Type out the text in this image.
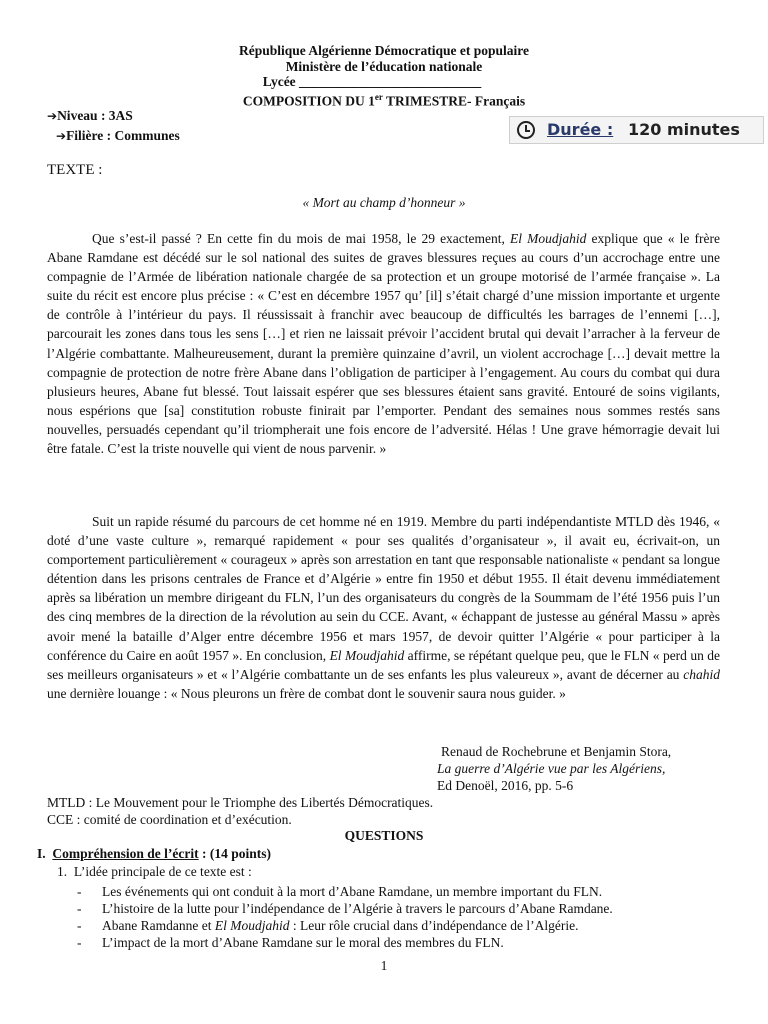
République Algérienne Démocratique et populaire
Ministère de l’éducation nationale
Lycée ___________________________
COMPOSITION DU 1er TRIMESTRE- Français
➔Niveau : 3AS
➔Filière : Communes	Durée : 120 minutes
TEXTE :
« Mort au champ d’honneur »

Que s’est-il passé ? En cette fin du mois de mai 1958, le 29 exactement, El Moudjahid explique que « le frère Abane Ramdane est décédé sur le sol national des suites de graves blessures reçues au cours d’un accrochage entre une compagnie de l’Armée de libération nationale chargée de sa protection et un groupe motorisé de l’armée française ». La suite du récit est encore plus précise : « C’est en décembre 1957 qu’ [il] s’était chargé d’une mission importante et urgente de contrôle à l’intérieur du pays. Il réussissait à franchir avec beaucoup de difficultés les barrages de l’ennemi […], parcourait les zones dans tous les sens […] et rien ne laissait prévoir l’accident brutal qui devait l’arracher à la ferveur de l’Algérie combattante. Malheureusement, durant la première quinzaine d’avril, un violent accrochage […] devait mettre la compagnie de protection de notre frère Abane dans l’obligation de participer à l’engagement. Au cours du combat qui dura plusieurs heures, Abane fut blessé. Tout laissait espérer que ses blessures étaient sans gravité. Entouré de soins vigilants, nous espérions que [sa] constitution robuste finirait par l’emporter. Pendant des semaines nous sommes restés sans nouvelles, persuadés cependant qu’il triompherait une fois encore de l’adversité. Hélas ! Une grave hémorragie devait lui être fatale. C’est la triste nouvelle qui vient de nous parvenir. »

Suit un rapide résumé du parcours de cet homme né en 1919. Membre du parti indépendantiste MTLD dès 1946, « doté d’une vaste culture », remarqué rapidement « pour ses qualités d’organisateur », il avait eu, écrivait-on, un comportement particulièrement « courageux » après son arrestation en tant que responsable nationaliste « pendant sa longue détention dans les prisons centrales de France et d’Algérie » entre fin 1950 et début 1955. Il était devenu immédiatement après sa libération un membre dirigeant du FLN, l’un des organisateurs du congrès de la Soummam de l’été 1956 puis l’un des cinq membres de la direction de la révolution au sein du CCE. Avant, « échappant de justesse au général Massu » après avoir mené la bataille d’Alger entre décembre 1956 et mars 1957, de devoir quitter l’Algérie « pour participer à la conférence du Caire en août 1957 ». En conclusion, El Moudjahid affirme, se répétant quelque peu, que le FLN « perd un de ses meilleurs organisateurs » et « l’Algérie combattante un de ses enfants les plus valeureux », avant de décerner au chahid une dernière louange : « Nous pleurons un frère de combat dont le souvenir saura nous guider. »

Renaud de Rochebrune et Benjamin Stora,
La guerre d’Algérie vue par les Algériens,
Ed Denoël, 2016, pp. 5-6
MTLD : Le Mouvement pour le Triomphe des Libertés Démocratiques.
CCE : comité de coordination et d’exécution.
QUESTIONS
I. Compréhension de l’écrit : (14 points)
1. L’idée principale de ce texte est :
- Les événements qui ont conduit à la mort d’Abane Ramdane, un membre important du FLN.
- L’histoire de la lutte pour l’indépendance de l’Algérie à travers le parcours d’Abane Ramdane.
- Abane Ramdanne et El Moudjahid : Leur rôle crucial dans d’indépendance de l’Algérie.
- L’impact de la mort d’Abane Ramdane sur le moral des membres du FLN.
1
